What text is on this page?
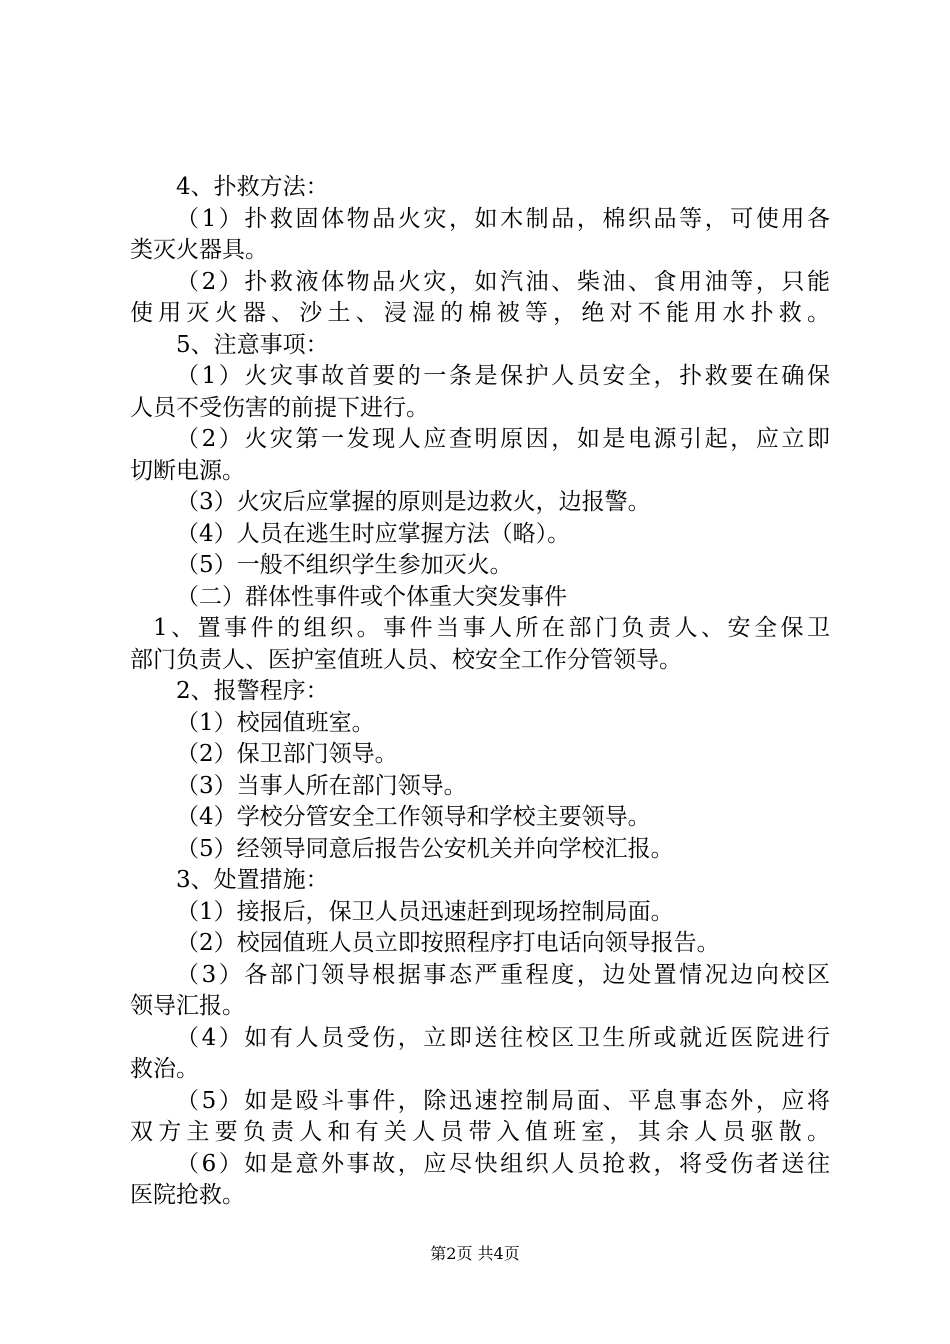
4、扑救方法：
（1）扑救固体物品火灾，如木制品，棉织品等，可使用各
类灭火器具。
（2）扑救液体物品火灾，如汽油、柴油、食用油等，只能
使用灭火器、沙土、浸湿的棉被等，绝对不能用水扑救。
5、注意事项：
（1）火灾事故首要的一条是保护人员安全，扑救要在确保
人员不受伤害的前提下进行。
（2）火灾第一发现人应查明原因，如是电源引起，应立即
切断电源。
（3）火灾后应掌握的原则是边救火，边报警。
（4）人员在逃生时应掌握方法（略）。
（5）一般不组织学生参加灭火。
（二）群体性事件或个体重大突发事件
1、置事件的组织。事件当事人所在部门负责人、安全保卫
部门负责人、医护室值班人员、校安全工作分管领导。
2、报警程序：
（1）校园值班室。
（2）保卫部门领导。
（3）当事人所在部门领导。
（4）学校分管安全工作领导和学校主要领导。
（5）经领导同意后报告公安机关并向学校汇报。
3、处置措施：
（1）接报后，保卫人员迅速赶到现场控制局面。
（2）校园值班人员立即按照程序打电话向领导报告。
（3）各部门领导根据事态严重程度，边处置情况边向校区
领导汇报。
（4）如有人员受伤，立即送往校区卫生所或就近医院进行
救治。
（5）如是殴斗事件，除迅速控制局面、平息事态外，应将
双方主要负责人和有关人员带入值班室，其余人员驱散。
（6）如是意外事故，应尽快组织人员抢救，将受伤者送往
医院抢救。
第2页 共4页
